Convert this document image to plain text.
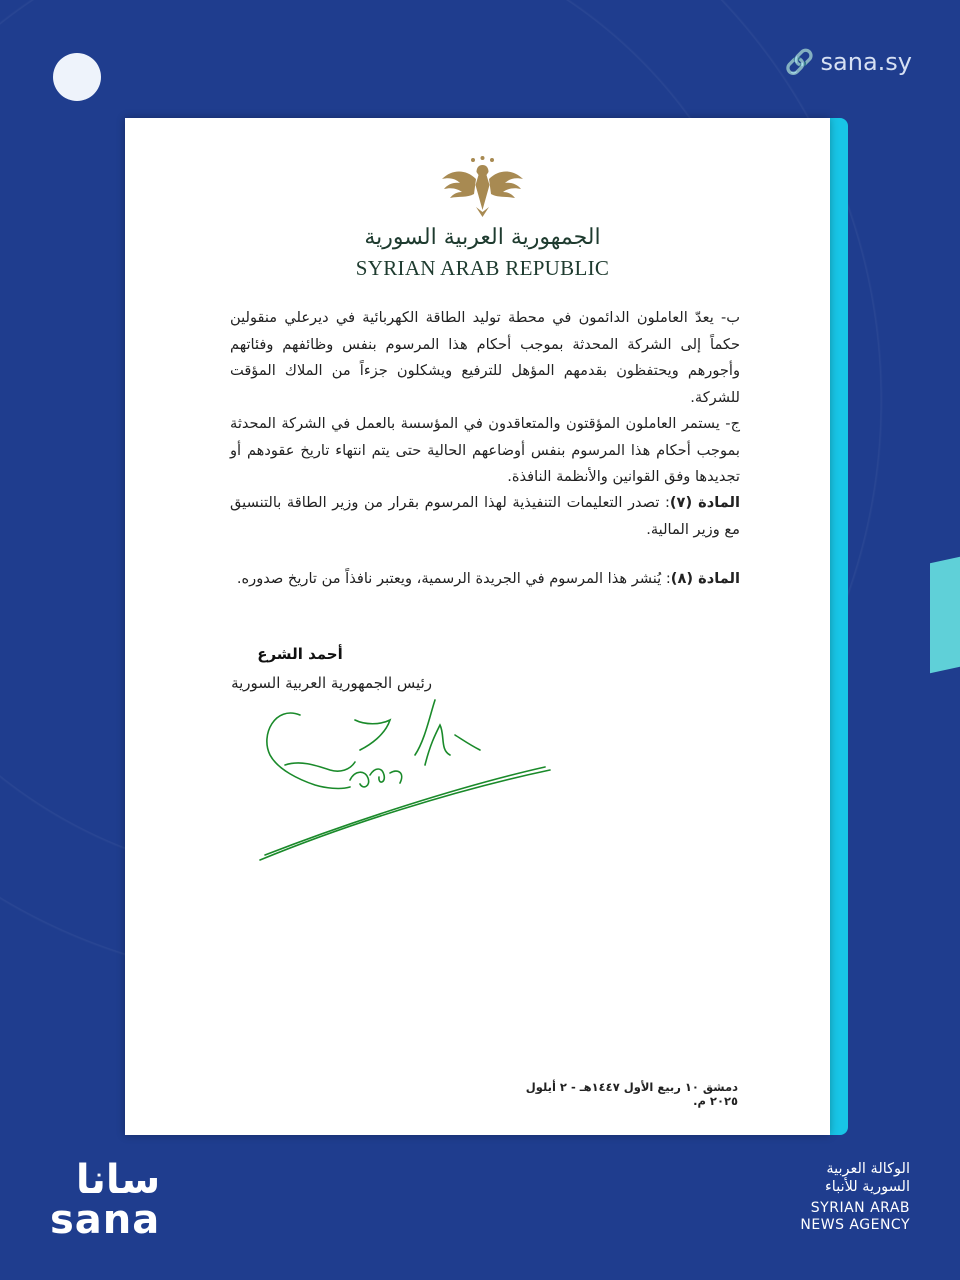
🔗 sana.sy
الجمهورية العربية السورية
SYRIAN ARAB REPUBLIC

ب- يعدّ العاملون الدائمون في محطة توليد الطاقة الكهربائية في ديرعلي منقولين حكماً إلى الشركة المحدثة بموجب أحكام هذا المرسوم بنفس وظائفهم وفئاتهم وأجورهم ويحتفظون بقدمهم المؤهل للترفيع ويشكلون جزءاً من الملاك المؤقت للشركة.

ج- يستمر العاملون المؤقتون والمتعاقدون في المؤسسة بالعمل في الشركة المحدثة بموجب أحكام هذا المرسوم بنفس أوضاعهم الحالية حتى يتم انتهاء تاريخ عقودهم أو تجديدها وفق القوانين والأنظمة النافذة.

المادة (٧): تصدر التعليمات التنفيذية لهذا المرسوم بقرار من وزير الطاقة بالتنسيق مع وزير المالية.

المادة (٨): يُنشر هذا المرسوم في الجريدة الرسمية، ويعتبر نافذاً من تاريخ صدوره.

أحمد الشرع
رئيس الجمهورية العربية السورية
دمشق ١٠ ربيع الأول ١٤٤٧هـ - ٢ أيلول ٢٠٢٥ م.
سانا
sana
الوكالة العربية
السورية للأنباء
SYRIAN ARAB
NEWS AGENCY
